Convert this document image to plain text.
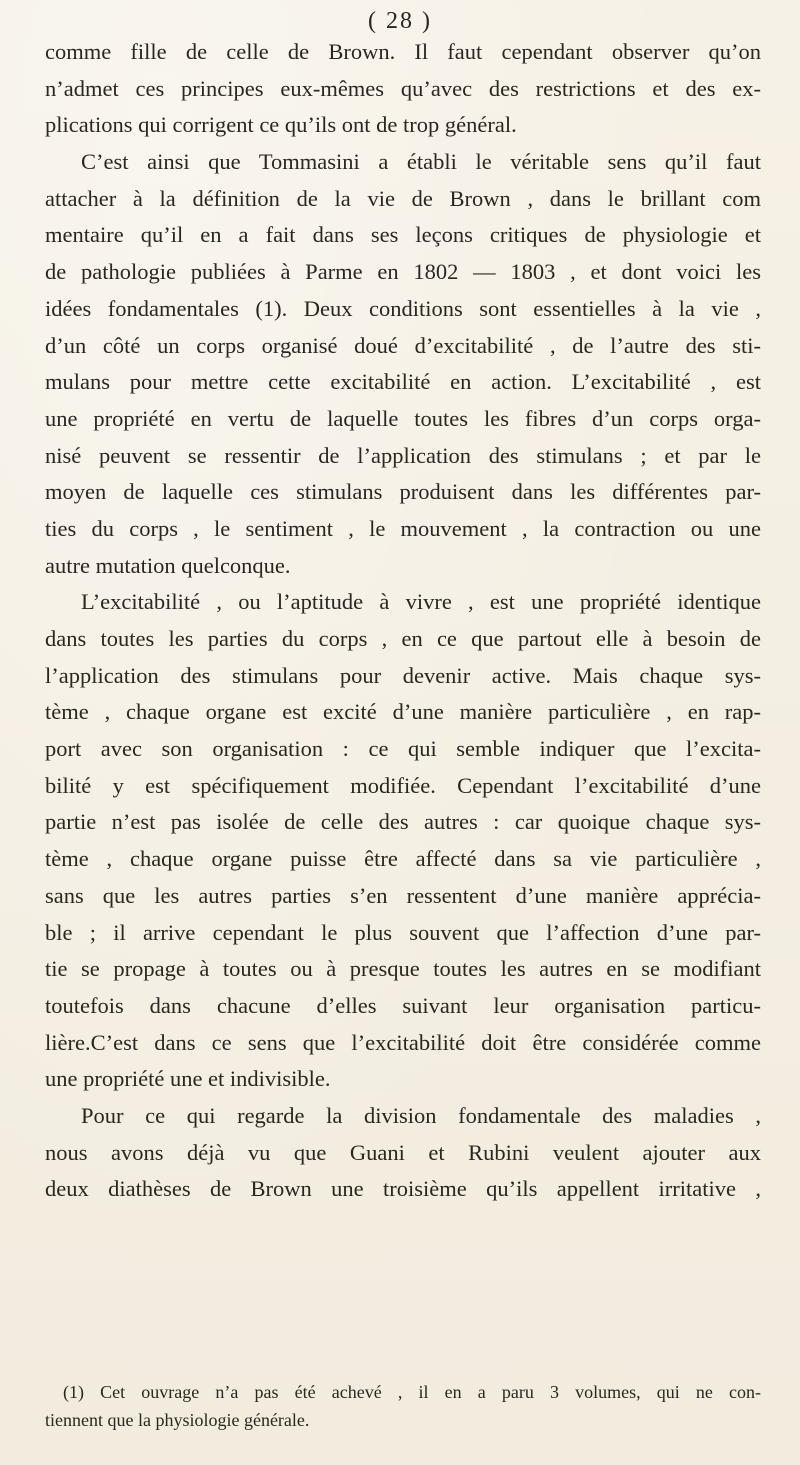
( 28 )
comme fille de celle de Brown. Il faut cependant observer qu’on
n’admet ces principes eux-mêmes qu’avec des restrictions et des ex-
plications qui corrigent ce qu’ils ont de trop général.
C’est ainsi que Tommasini a établi le véritable sens qu’il faut
attacher à la définition de la vie de Brown , dans le brillant com
mentaire qu’il en a fait dans ses leçons critiques de physiologie et
de pathologie publiées à Parme en 1802 — 1803 , et dont voici les
idées fondamentales (1). Deux conditions sont essentielles à la vie ,
d’un côté un corps organisé doué d’excitabilité , de l’autre des sti-
mulans pour mettre cette excitabilité en action. L’excitabilité , est
une propriété en vertu de laquelle toutes les fibres d’un corps orga-
nisé peuvent se ressentir de l’application des stimulans ; et par le
moyen de laquelle ces stimulans produisent dans les différentes par-
ties du corps , le sentiment , le mouvement , la contraction ou une
autre mutation quelconque.
L’excitabilité , ou l’aptitude à vivre , est une propriété identique
dans toutes les parties du corps , en ce que partout elle à besoin de
l’application des stimulans pour devenir active. Mais chaque sys-
tème , chaque organe est excité d’une manière particulière , en rap-
port avec son organisation : ce qui semble indiquer que l’excita-
bilité y est spécifiquement modifiée. Cependant l’excitabilité d’une
partie n’est pas isolée de celle des autres : car quoique chaque sys-
tème , chaque organe puisse être affecté dans sa vie particulière ,
sans que les autres parties s’en ressentent d’une manière apprécia-
ble ; il arrive cependant le plus souvent que l’affection d’une par-
tie se propage à toutes ou à presque toutes les autres en se modifiant
toutefois dans chacune d’elles suivant leur organisation particu-
lière.C’est dans ce sens que l’excitabilité doit être considérée comme
une propriété une et indivisible.
Pour ce qui regarde la division fondamentale des maladies ,
nous avons déjà vu que Guani et Rubini veulent ajouter aux
deux diathèses de Brown une troisième qu’ils appellent irritative ,
(1) Cet ouvrage n’a pas été achevé , il en a paru 3 volumes, qui ne con-
tiennent que la physiologie générale.
